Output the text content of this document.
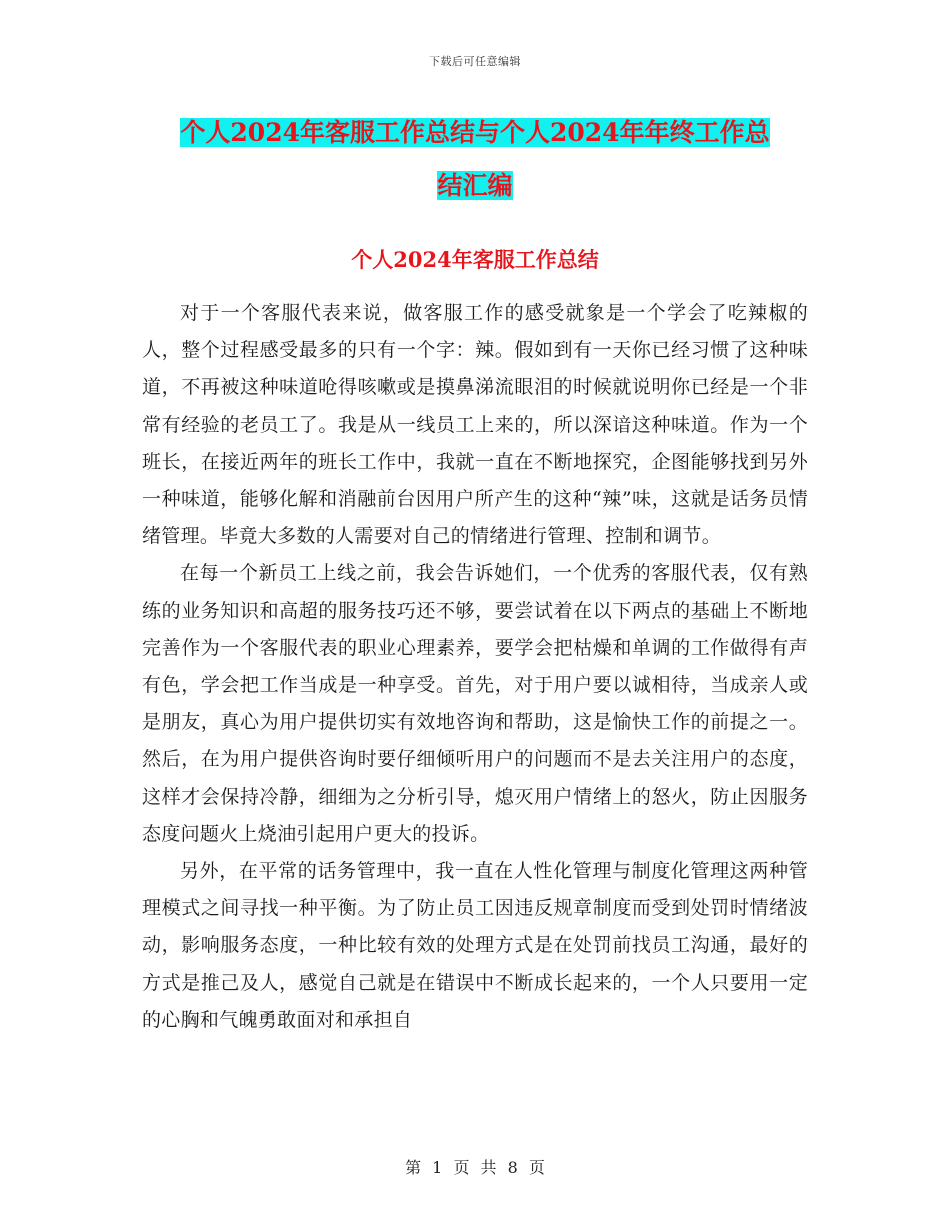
下载后可任意编辑
个人2024年客服工作总结与个人2024年年终工作总
结汇编
个人2024年客服工作总结

对于一个客服代表来说，做客服工作的感受就象是一个学会了吃辣椒的人，整个过程感受最多的只有一个字：辣。假如到有一天你已经习惯了这种味道，不再被这种味道呛得咳嗽或是摸鼻涕流眼泪的时候就说明你已经是一个非常有经验的老员工了。我是从一线员工上来的，所以深谙这种味道。作为一个班长，在接近两年的班长工作中，我就一直在不断地探究，企图能够找到另外一种味道，能够化解和消融前台因用户所产生的这种“辣”味，这就是话务员情绪管理。毕竟大多数的人需要对自己的情绪进行管理、控制和调节。

在每一个新员工上线之前，我会告诉她们，一个优秀的客服代表，仅有熟练的业务知识和高超的服务技巧还不够，要尝试着在以下两点的基础上不断地完善作为一个客服代表的职业心理素养，要学会把枯燥和单调的工作做得有声有色，学会把工作当成是一种享受。首先，对于用户要以诚相待，当成亲人或是朋友，真心为用户提供切实有效地咨询和帮助，这是愉快工作的前提之一。然后，在为用户提供咨询时要仔细倾听用户的问题而不是去关注用户的态度，这样才会保持冷静，细细为之分析引导，熄灭用户情绪上的怒火，防止因服务态度问题火上烧油引起用户更大的投诉。

另外，在平常的话务管理中，我一直在人性化管理与制度化管理这两种管理模式之间寻找一种平衡。为了防止员工因违反规章制度而受到处罚时情绪波动，影响服务态度，一种比较有效的处理方式是在处罚前找员工沟通，最好的方式是推己及人，感觉自己就是在错误中不断成长起来的，一个人只要用一定的心胸和气魄勇敢面对和承担自

第 1 页 共 8 页
